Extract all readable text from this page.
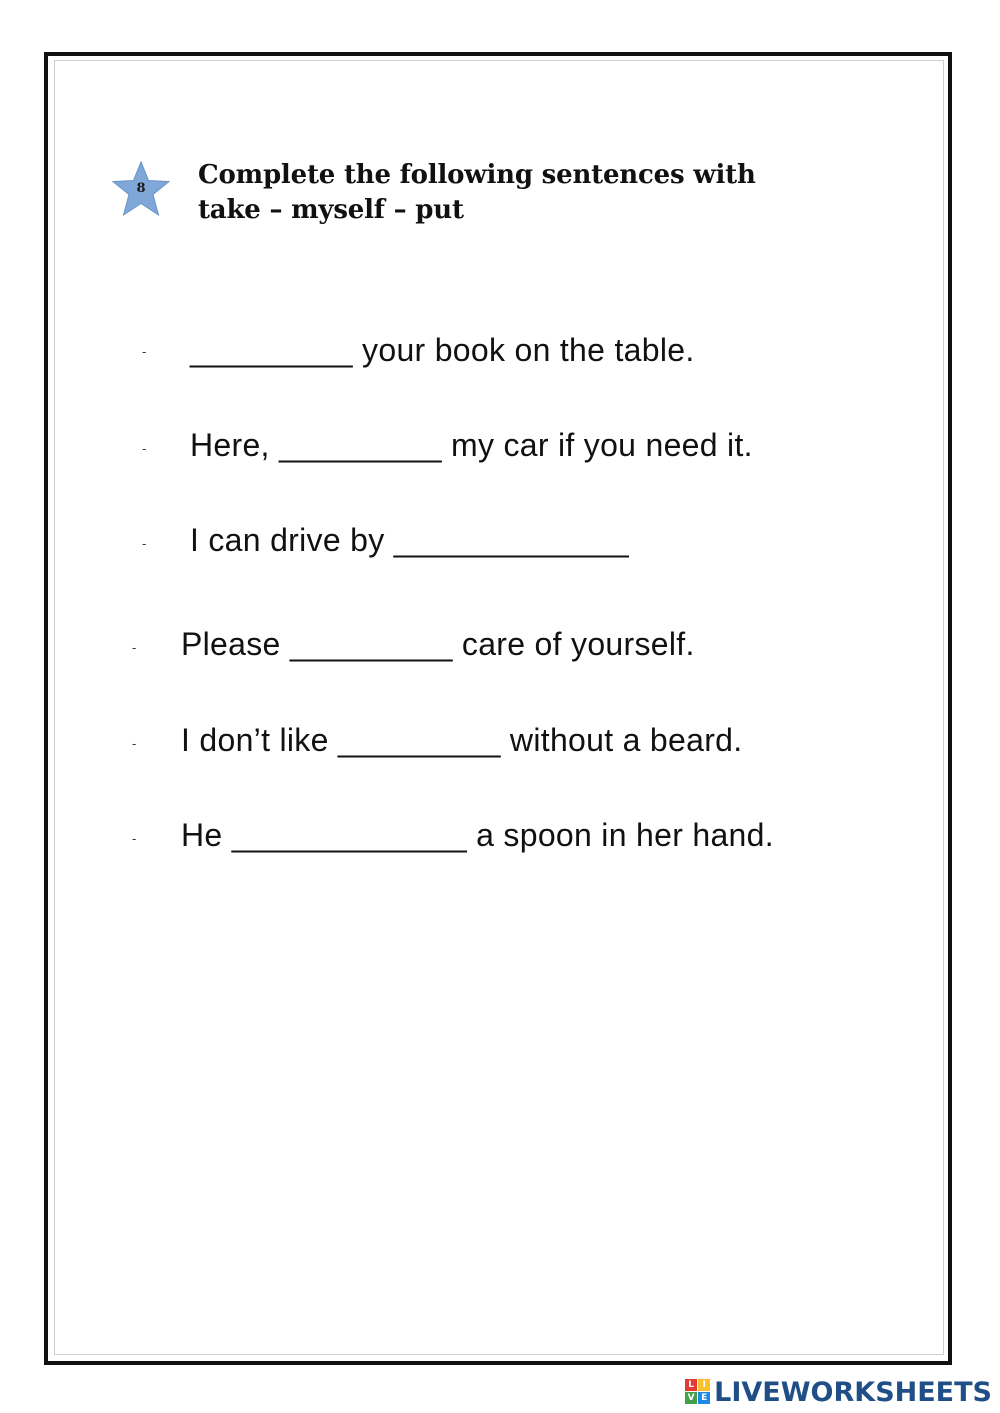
8	Complete the following sentences with
take – myself – put
- _________ your book on the table.
- Here, _________ my car if you need it.
- I can drive by _____________
- Please _________ care of yourself.
- I don’t like _________ without a beard.
- He _____________ a spoon in her hand.
L I
V E LIVEWORKSHEETS
